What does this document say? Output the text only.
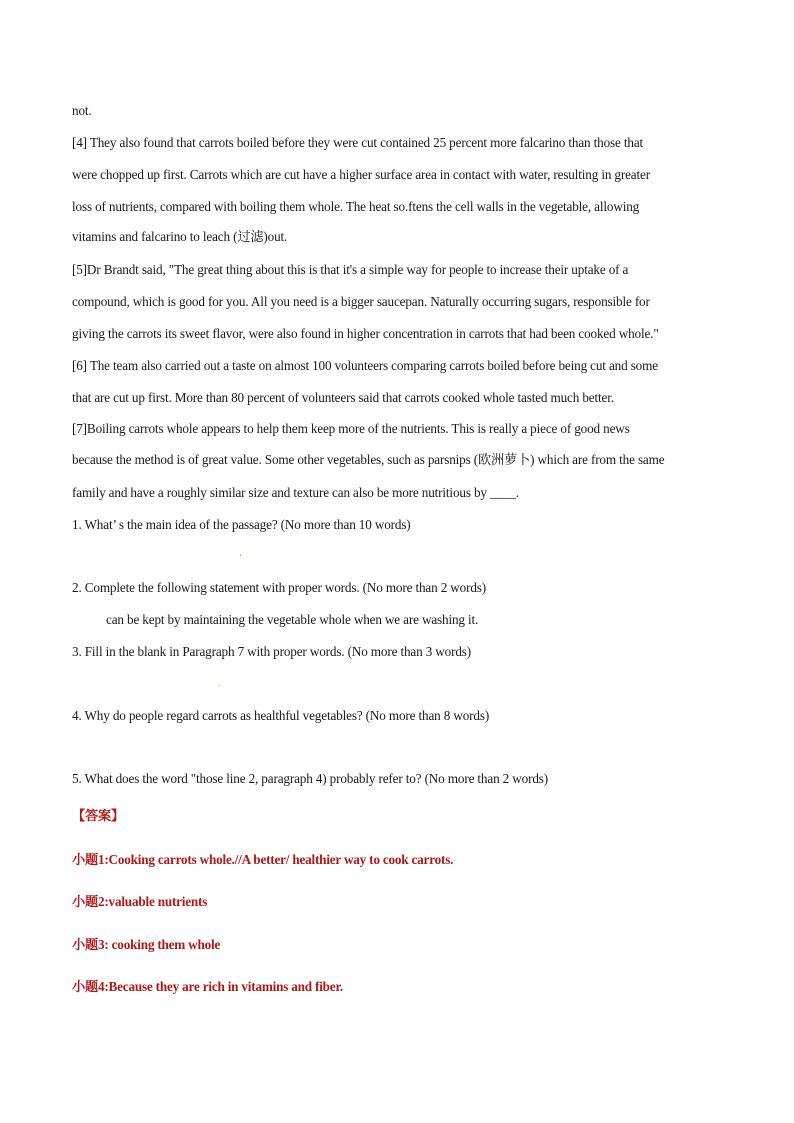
not.
[4] They also found that carrots boiled before they were cut contained 25 percent more falcarino than those that
were chopped up first. Carrots which are cut have a higher surface area in contact with water, resulting in greater
loss of nutrients, compared with boiling them whole. The heat so.ftens the cell walls in the vegetable, allowing
vitamins and falcarino to leach (过滤)out.
[5]Dr Brandt said, "The great thing about this is that it's a simple way for people to increase their uptake of a
compound, which is good for you. All you need is a bigger saucepan. Naturally occurring sugars, responsible for
giving the carrots its sweet flavor, were also found in higher concentration in carrots that had been cooked whole."
[6] The team also carried out a taste on almost 100 volunteers comparing carrots boiled before being cut and some
that are cut up first. More than 80 percent of volunteers said that carrots cooked whole tasted much better.
[7]Boiling carrots whole appears to help them keep more of the nutrients. This is really a piece of good news
because the method is of great value. Some other vegetables, such as parsnips (欧洲萝卜) which are from the same
family and have a roughly similar size and texture can also be more nutritious by ____.
1. What’ s the main idea of the passage? (No more than 10 words)
‘
2. Complete the following statement with proper words. (No more than 2 words)
can be kept by maintaining the vegetable whole when we are washing it.
3. Fill in the blank in Paragraph 7 with proper words. (No more than 3 words)
-
4. Why do people regard carrots as healthful vegetables? (No more than 8 words)
5. What does the word "those line 2, paragraph 4) probably refer to? (No more than 2 words)
【答案】
小题1:Cooking carrots whole.//A better/ healthier way to cook carrots.
小题2:valuable nutrients
小题3: cooking them whole
小题4:Because they are rich in vitamins and fiber.
